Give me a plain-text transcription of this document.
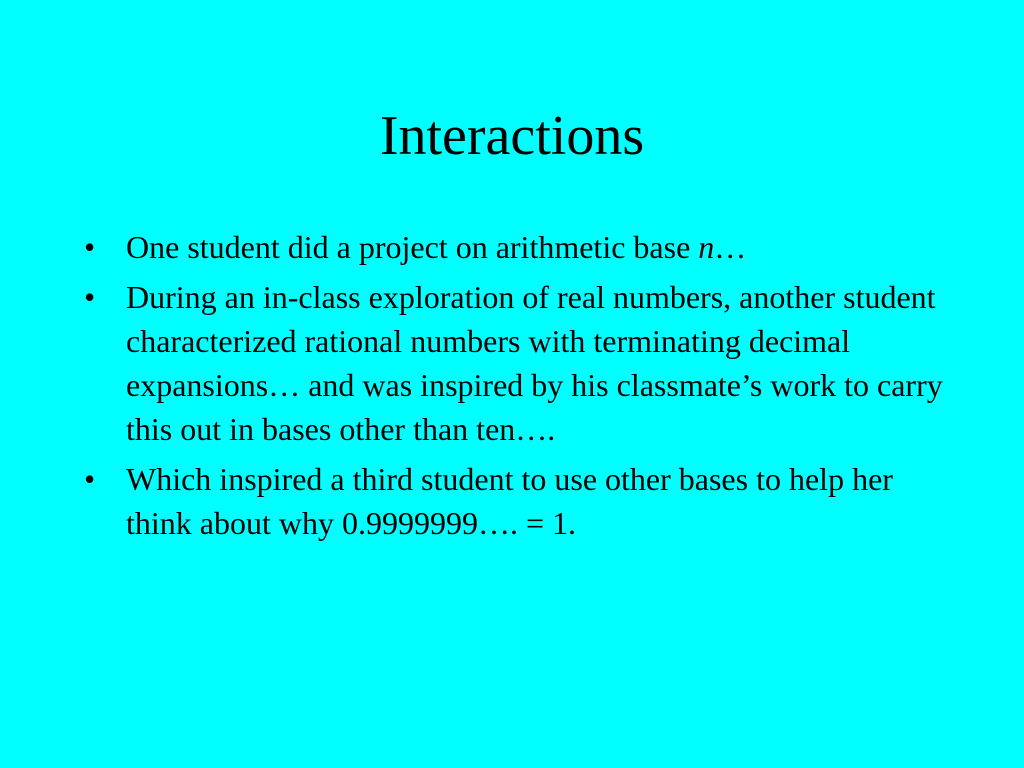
Interactions
• One student did a project on arithmetic base n…
• During an in-class exploration of real numbers, another student characterized rational numbers with terminating decimal expansions… and was inspired by his classmate’s work to carry this out in bases other than ten….
• Which inspired a third student to use other bases to help her think about why 0.9999999…. = 1.
